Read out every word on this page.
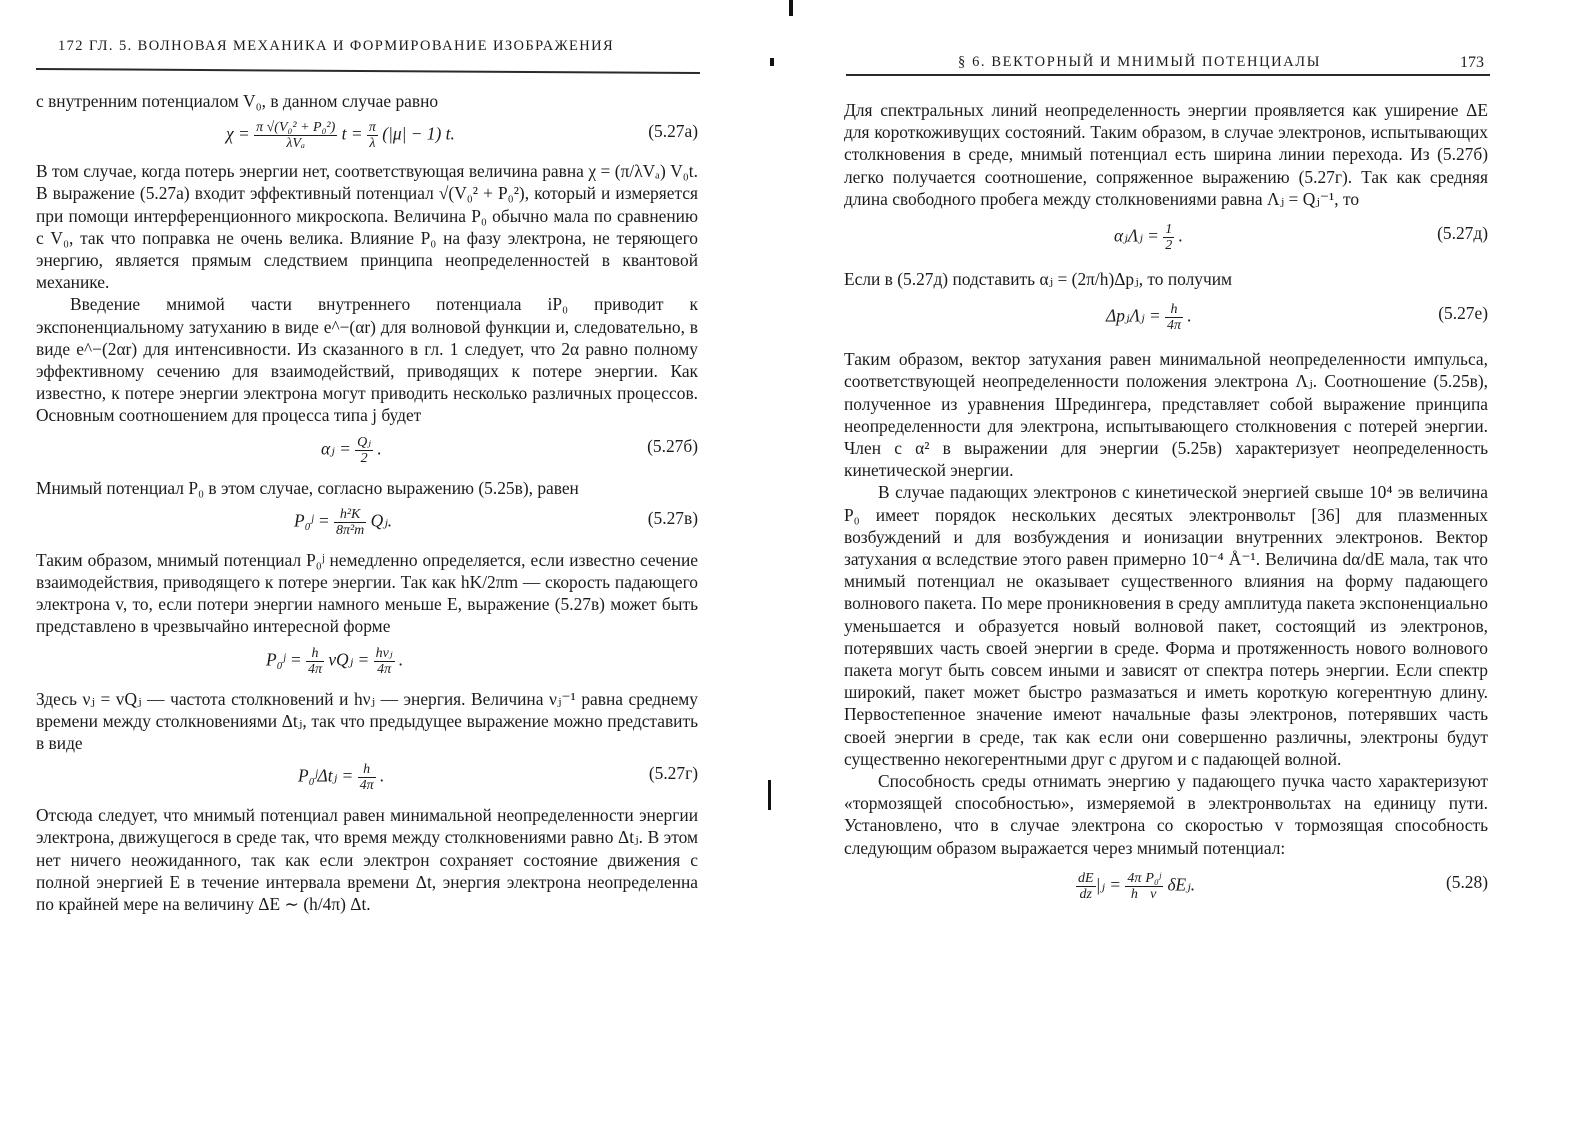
172 ГЛ. 5. ВОЛНОВАЯ МЕХАНИКА И ФОРМИРОВАНИЕ ИЗОБРАЖЕНИЯ

с внутренним потенциалом V₀, в данном случае равно

$\chi = \frac{\text{π √(V₀² + P₀²)}}{\text{λVₐ}}$ $t = \frac{\pi}{\lambda} (|\mu| - 1)$ t.	(5.27а)

В том случае, когда потерь энергии нет, соответствующая величина равна χ = (π/λVₐ) V₀t. В выражение (5.27а) входит эффективный потенциал √(V₀² + P₀²), который и измеряется при помощи интерференционного микроскопа. Величина P₀ обычно мала по сравнению с V₀, так что поправка не очень велика. Влияние P₀ на фазу электрона, не теряющего энергию, является прямым следствием принципа неопределенностей в квантовой механике.

Введение мнимой части внутреннего потенциала iP₀ приводит к экспоненциальному затуханию в виде e^−(αr) для волновой функции и, следовательно, в виде e^−(2αr) для интенсивности. Из сказанного в гл. 1 следует, что 2α равно полному эффективному сечению для взаимодействий, приводящих к потере энергии. Как известно, к потере энергии электрона могут приводить несколько различных процессов. Основным соотношением для процесса типа j будет

αⱼ = $\frac{\text{Qⱼ}}{2}$ .	(5.27б)

Мнимый потенциал P₀ в этом случае, согласно выражению (5.25в), равен

P₀ʲ = $\frac{\text{h²K}}{\text{8π²m}}$ Qⱼ.	(5.27в)

Таким образом, мнимый потенциал P₀ʲ немедленно определяется, если известно сечение взаимодействия, приводящего к потере энергии. Так как hK/2πm — скорость падающего электрона v, то, если потери энергии намного меньше E, выражение (5.27в) может быть представлено в чрезвычайно интересной форме

P₀ʲ = $\frac{h}{4\pi}$ vQⱼ = $\frac{\text{hνⱼ}}{4\pi}$ .

Здесь νⱼ = vQⱼ — частота столкновений и hνⱼ — энергия. Величина νⱼ⁻¹ равна среднему времени между столкновениями Δtⱼ, так что предыдущее выражение можно представить в виде

P₀ʲΔtⱼ = $\frac{h}{4\pi}$ .	(5.27г)

Отсюда следует, что мнимый потенциал равен минимальной неопределенности энергии электрона, движущегося в среде так, что время между столкновениями равно Δtⱼ. В этом нет ничего неожиданного, так как если электрон сохраняет состояние движения с полной энергией E в течение интервала времени Δt, энергия электрона неопределенна по крайней мере на величину ΔE ∼ (h/4π) Δt.

§ 6. ВЕКТОРНЫЙ И МНИМЫЙ ПОТЕНЦИАЛЫ	173

Для спектральных линий неопределенность энергии проявляется как уширение ΔE для короткоживущих состояний. Таким образом, в случае электронов, испытывающих столкновения в среде, мнимый потенциал есть ширина линии перехода. Из (5.27б) легко получается соотношение, сопряженное выражению (5.27г). Так как средняя длина свободного пробега между столкновениями равна Λⱼ = Qⱼ⁻¹, то

αⱼΛⱼ = $\frac{1}{2}$ .	(5.27д)

Если в (5.27д) подставить αⱼ = (2π/h)Δpⱼ, то получим

ΔpⱼΛⱼ = $\frac{h}{4\pi}$ .	(5.27е)

Таким образом, вектор затухания равен минимальной неопределенности импульса, соответствующей неопределенности положения электрона Λⱼ. Соотношение (5.25в), полученное из уравнения Шредингера, представляет собой выражение принципа неопределенности для электрона, испытывающего столкновения с потерей энергии. Член с α² в выражении для энергии (5.25в) характеризует неопределенность кинетической энергии.

В случае падающих электронов с кинетической энергией свыше 10⁴ эв величина P₀ имеет порядок нескольких десятых электронвольт [36] для плазменных возбуждений и для возбуждения и ионизации внутренних электронов. Вектор затухания α вследствие этого равен примерно 10⁻⁴ Å⁻¹. Величина dα/dE мала, так что мнимый потенциал не оказывает существенного влияния на форму падающего волнового пакета. По мере проникновения в среду амплитуда пакета экспоненциально уменьшается и образуется новый волновой пакет, состоящий из электронов, потерявших часть своей энергии в среде. Форма и протяженность нового волнового пакета могут быть совсем иными и зависят от спектра потерь энергии. Если спектр широкий, пакет может быстро размазаться и иметь короткую когерентную длину. Первостепенное значение имеют начальные фазы электронов, потерявших часть своей энергии в среде, так как если они совершенно различны, электроны будут существенно некогерентными друг с другом и с падающей волной.

Способность среды отнимать энергию у падающего пучка часто характеризуют «тормозящей способностью», измеряемой в электронвольтах на единицу пути. Установлено, что в случае электрона со скоростью v тормозящая способность следующим образом выражается через мнимый потенциал:

$\frac{dE}{dz}$ |ⱼ = $\frac{4\pi}{h} \frac{\text{P₀ʲ}}{v}$ δEⱼ.	(5.28)
